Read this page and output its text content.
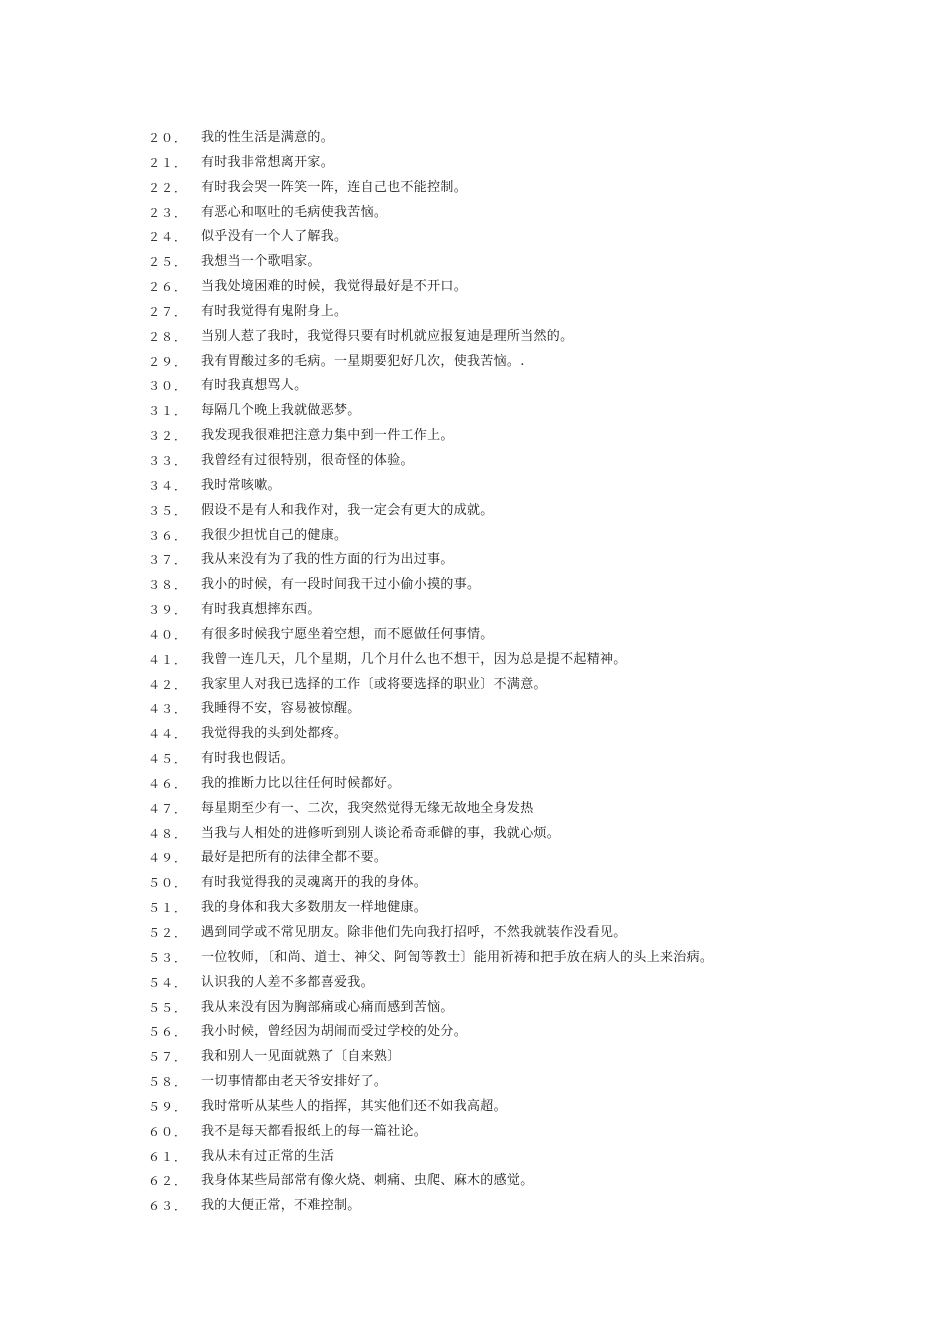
２０．	我的性生活是满意的。
２１．	有时我非常想离开家。
２２．	有时我会哭一阵笑一阵，连自己也不能控制。
２３．	有恶心和呕吐的毛病使我苦恼。
２４．	似乎没有一个人了解我。
２５．	我想当一个歌唱家。
２６．	当我处境困难的时候，我觉得最好是不开口。
２７．	有时我觉得有鬼附身上。
２８．	当别人惹了我时，我觉得只要有时机就应报复迪是理所当然的。
２９．	我有胃酸过多的毛病。一星期要犯好几次，使我苦恼。.
３０．	有时我真想骂人。
３１．	每隔几个晚上我就做恶梦。
３２．	我发现我很难把注意力集中到一件工作上。
３３．	我曾经有过很特别，很奇怪的体验。
３４．	我时常咳嗽。
３５．	假设不是有人和我作对，我一定会有更大的成就。
３６．	我很少担忧自己的健康。
３７．	我从来没有为了我的性方面的行为出过事。
３８．	我小的时候，有一段时间我干过小偷小摸的事。
３９．	有时我真想摔东西。
４０．	有很多时候我宁愿坐着空想，而不愿做任何事情。
４１．	我曾一连几天，几个星期，几个月什么也不想干，因为总是提不起精神。
４２．	我家里人对我已选择的工作〔或将要选择的职业〕不满意。
４３．	我睡得不安，容易被惊醒。
４４．	我觉得我的头到处都疼。
４５．	有时我也假话。
４６．	我的推断力比以往任何时候都好。
４７．	每星期至少有一、二次，我突然觉得无缘无故地全身发热
４８．	当我与人相处的进修听到别人谈论希奇乖僻的事，我就心烦。
４９．	最好是把所有的法律全都不要。
５０．	有时我觉得我的灵魂离开的我的身体。
５１．	我的身体和我大多数朋友一样地健康。
５２．	遇到同学或不常见朋友。除非他们先向我打招呼，不然我就装作没看见。
５３．	一位牧师，〔和尚、道士、神父、阿訇等教士〕能用祈祷和把手放在病人的头上来治病。
５４．	认识我的人差不多都喜爱我。
５５．	我从来没有因为胸部痛或心痛而感到苦恼。
５６．	我小时候，曾经因为胡闹而受过学校的处分。
５７．	我和别人一见面就熟了〔自来熟〕
５８．	一切事情都由老天爷安排好了。
５９．	我时常听从某些人的指挥，其实他们还不如我高超。
６０．	我不是每天都看报纸上的每一篇社论。
６１．	我从未有过正常的生活
６２．	我身体某些局部常有像火烧、刺痛、虫爬、麻木的感觉。
６３．	我的大便正常，不难控制。
